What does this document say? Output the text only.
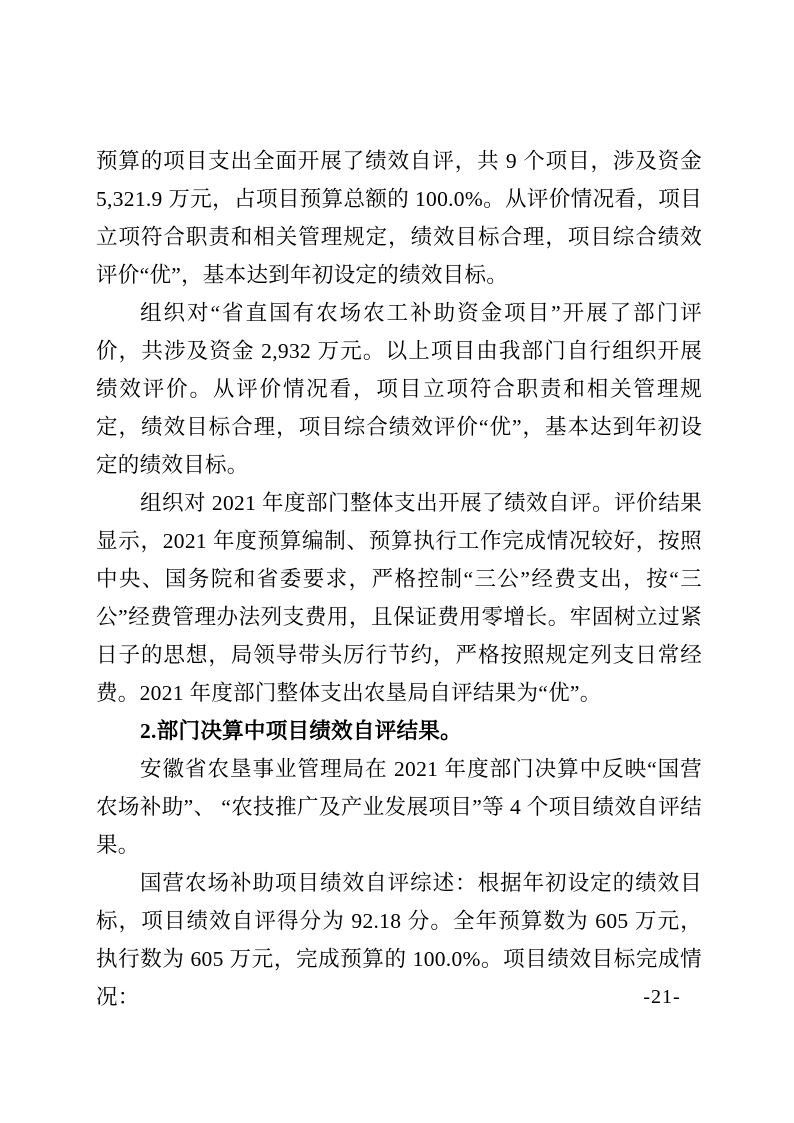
预算的项目支出全面开展了绩效自评，共 9 个项目，涉及资金 5,321.9 万元，占项目预算总额的 100.0%。从评价情况看，项目立项符合职责和相关管理规定，绩效目标合理，项目综合绩效评价“优”，基本达到年初设定的绩效目标。

组织对“省直国有农场农工补助资金项目”开展了部门评价，共涉及资金 2,932 万元。以上项目由我部门自行组织开展绩效评价。从评价情况看，项目立项符合职责和相关管理规定，绩效目标合理，项目综合绩效评价“优”，基本达到年初设定的绩效目标。

组织对 2021 年度部门整体支出开展了绩效自评。评价结果显示，2021 年度预算编制、预算执行工作完成情况较好，按照中央、国务院和省委要求，严格控制“三公”经费支出，按“三公”经费管理办法列支费用，且保证费用零增长。牢固树立过紧日子的思想，局领导带头厉行节约，严格按照规定列支日常经费。2021 年度部门整体支出农垦局自评结果为“优”。

2.部门决算中项目绩效自评结果。

安徽省农垦事业管理局在 2021 年度部门决算中反映“国营农场补助”、 “农技推广及产业发展项目”等 4 个项目绩效自评结果。

国营农场补助项目绩效自评综述：根据年初设定的绩效目标，项目绩效自评得分为 92.18 分。全年预算数为 605 万元，执行数为 605 万元，完成预算的 100.0%。项目绩效目标完成情况：	-21-
